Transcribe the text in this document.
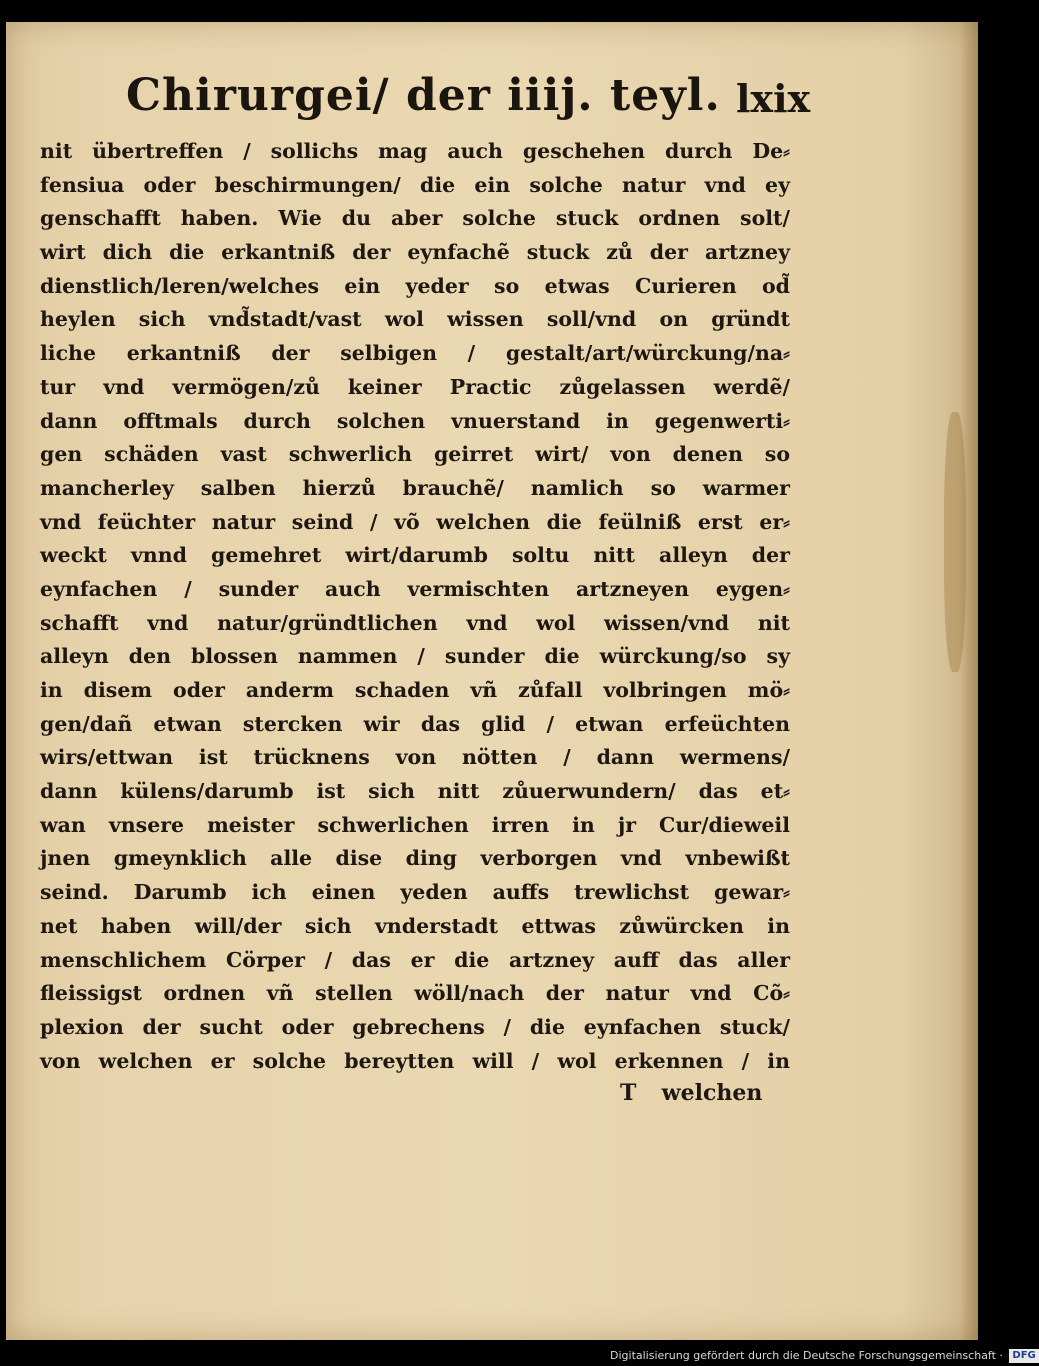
Chirurgei/ der iiij. teyl. lxix
nit übertreffen / sollichs mag auch geschehen durch De⸗
fensiua oder beschirmungen/ die ein solche natur vnd ey
genschafft haben. Wie du aber solche stuck ordnen solt/
wirt dich die erkantniß der eynfachẽ stuck zů der artzney
dienstlich/leren/welches ein yeder so etwas Curieren od̃
heylen sich vnd̃stadt/vast wol wissen soll/vnd on gründt
liche erkantniß der selbigen / gestalt/art/würckung/na⸗
tur vnd vermögen/zů keiner Practic zůgelassen werdẽ/
dann offtmals durch solchen vnuerstand in gegenwerti⸗
gen schäden vast schwerlich geirret wirt/ von denen so
mancherley salben hierzů brauchẽ/ namlich so warmer
vnd feüchter natur seind / võ welchen die feülniß erst er⸗
weckt vnnd gemehret wirt/darumb soltu nitt alleyn der
eynfachen / sunder auch vermischten artzneyen eygen⸗
schafft vnd natur/gründtlichen vnd wol wissen/vnd nit
alleyn den blossen nammen / sunder die würckung/so sy
in disem oder anderm schaden vñ zůfall volbringen mö⸗
gen/dañ etwan stercken wir das glid / etwan erfeüchten
wirs/ettwan ist trücknens von nötten / dann wermens/
dann külens/darumb ist sich nitt zůuerwundern/ das et⸗
wan vnsere meister schwerlichen irren in jr Cur/dieweil
jnen gmeynklich alle dise ding verborgen vnd vnbewißt
seind. Darumb ich einen yeden auffs trewlichst gewar⸗
net haben will/der sich vnderstadt ettwas zůwürcken in
menschlichem Cörper / das er die artzney auff das aller
fleissigst ordnen vñ stellen wöll/nach der natur vnd Cõ⸗
plexion der sucht oder gebrechens / die eynfachen stuck/
von welchen er solche bereytten will / wol erkennen / in
T welchen
Digitalisierung gefördert durch die Deutsche Forschungsgemeinschaft · DFG
